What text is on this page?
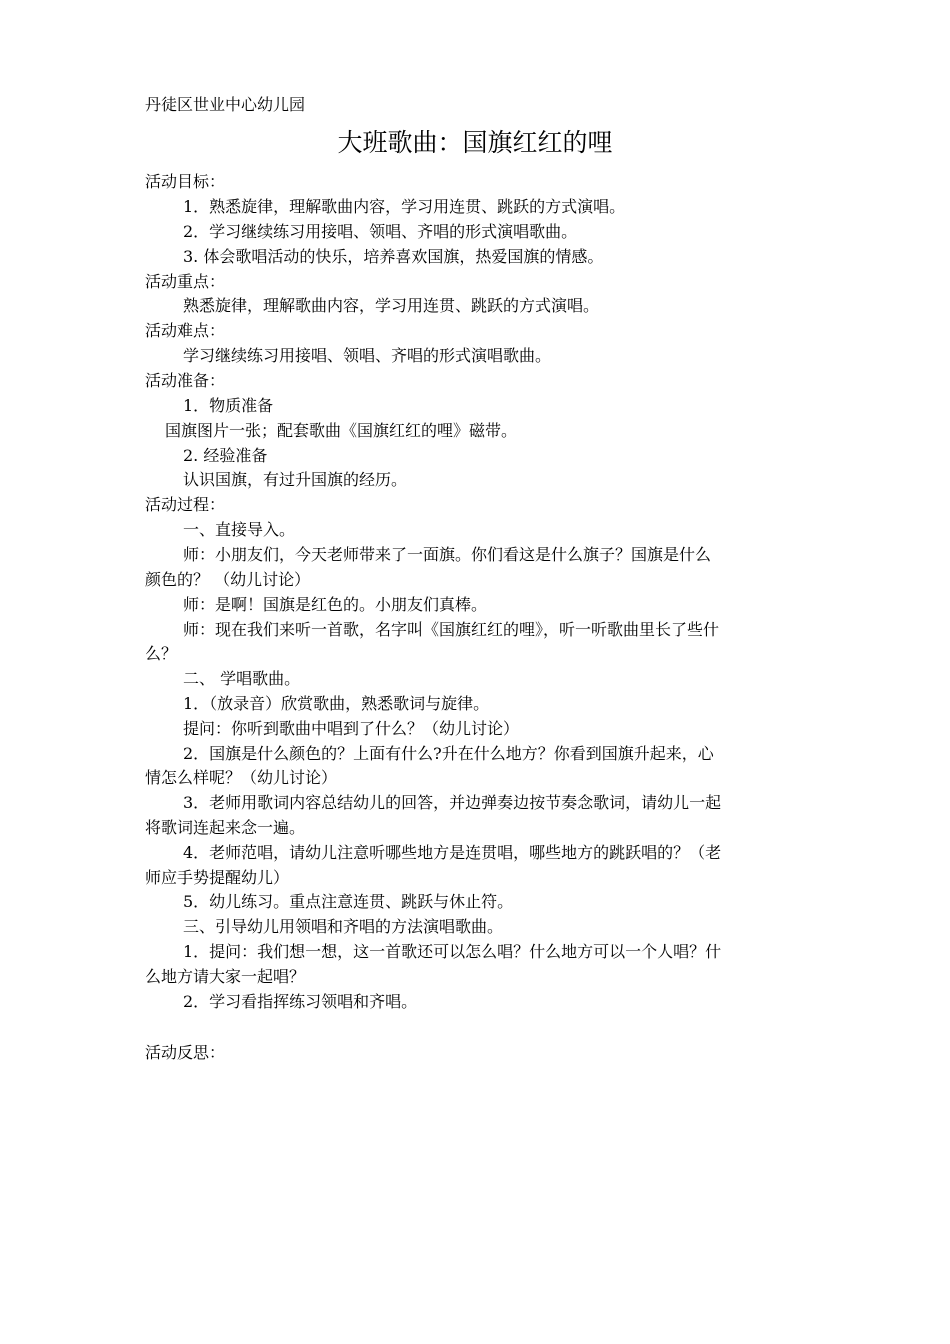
丹徒区世业中心幼儿园
大班歌曲：国旗红红的哩
活动目标：
1．熟悉旋律，理解歌曲内容，学习用连贯、跳跃的方式演唱。
2．学习继续练习用接唱、领唱、齐唱的形式演唱歌曲。
3. 体会歌唱活动的快乐，培养喜欢国旗，热爱国旗的情感。
活动重点：
熟悉旋律，理解歌曲内容，学习用连贯、跳跃的方式演唱。
活动难点：
学习继续练习用接唱、领唱、齐唱的形式演唱歌曲。
活动准备：
1．物质准备
国旗图片一张；配套歌曲《国旗红红的哩》磁带。
2. 经验准备
认识国旗，有过升国旗的经历。
活动过程：
一、直接导入。
师：小朋友们，今天老师带来了一面旗。你们看这是什么旗子？国旗是什么
颜色的？ （幼儿讨论）
师：是啊！国旗是红色的。小朋友们真棒。
师：现在我们来听一首歌，名字叫《国旗红红的哩》，听一听歌曲里长了些什
么？
二、 学唱歌曲。
1．（放录音）欣赏歌曲，熟悉歌词与旋律。
提问：你听到歌曲中唱到了什么？（幼儿讨论）
2．国旗是什么颜色的？上面有什么?升在什么地方？你看到国旗升起来，心
情怎么样呢？（幼儿讨论）
3．老师用歌词内容总结幼儿的回答，并边弹奏边按节奏念歌词，请幼儿一起
将歌词连起来念一遍。
4．老师范唱，请幼儿注意听哪些地方是连贯唱，哪些地方的跳跃唱的？（老
师应手势提醒幼儿）
5．幼儿练习。重点注意连贯、跳跃与休止符。
三、引导幼儿用领唱和齐唱的方法演唱歌曲。
1．提问：我们想一想，这一首歌还可以怎么唱？什么地方可以一个人唱？什
么地方请大家一起唱？
2．学习看指挥练习领唱和齐唱。
活动反思：
